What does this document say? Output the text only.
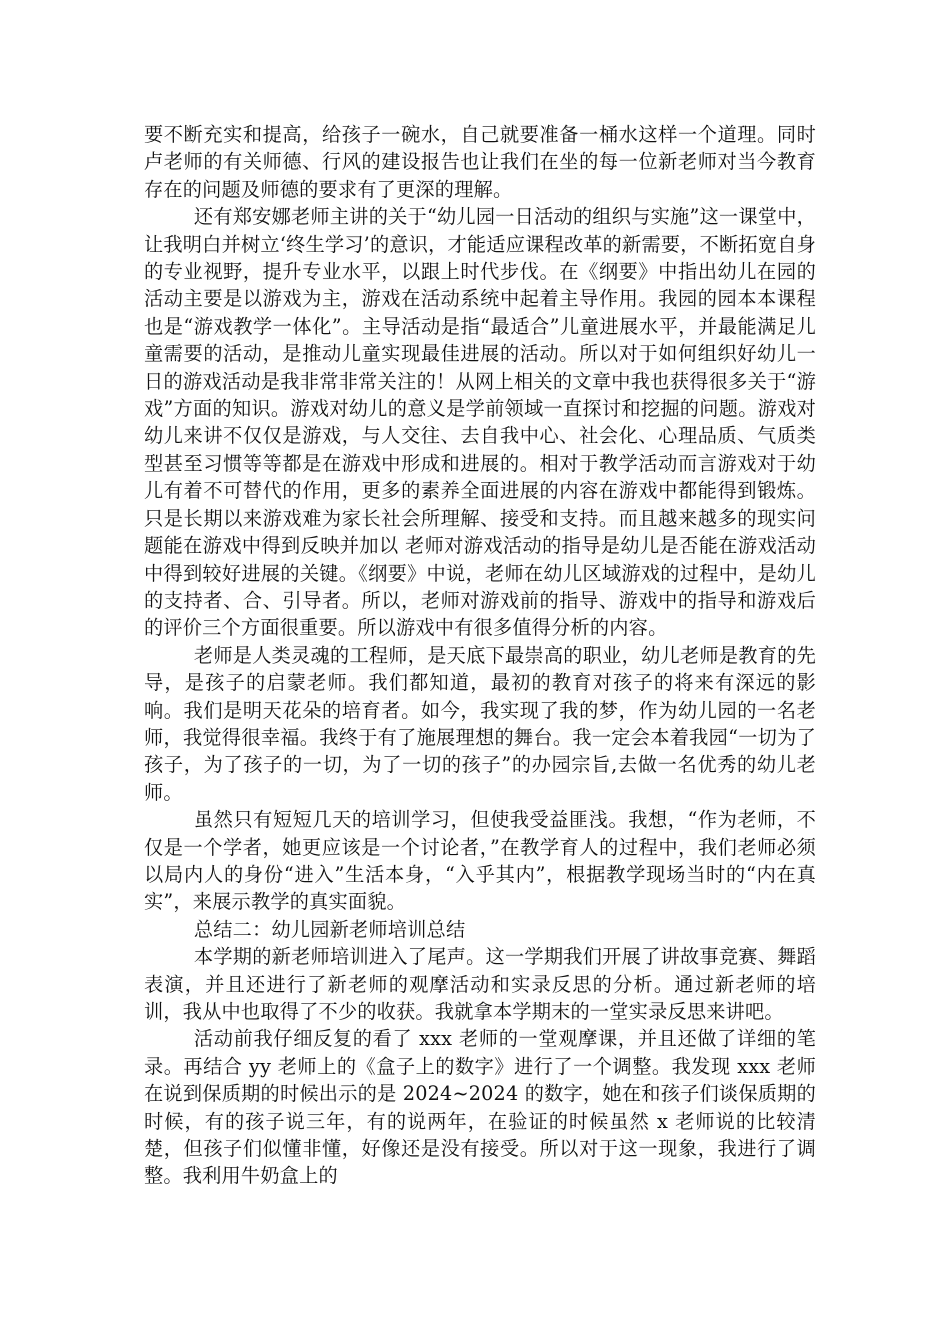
要不断充实和提高，给孩子一碗水，自己就要准备一桶水这样一个道理。同时卢老师的有关师德、行风的建设报告也让我们在坐的每一位新老师对当今教育存在的问题及师德的要求有了更深的理解。

还有郑安娜老师主讲的关于“幼儿园一日活动的组织与实施”这一课堂中，让我明白并树立‘终生学习’的意识，才能适应课程改革的新需要，不断拓宽自身的专业视野，提升专业水平，以跟上时代步伐。在《纲要》中指出幼儿在园的活动主要是以游戏为主，游戏在活动系统中起着主导作用。我园的园本本课程也是“游戏教学一体化”。主导活动是指“最适合”儿童进展水平，并最能满足儿童需要的活动，是推动儿童实现最佳进展的活动。所以对于如何组织好幼儿一日的游戏活动是我非常非常关注的！从网上相关的文章中我也获得很多关于“游戏”方面的知识。游戏对幼儿的意义是学前领域一直探讨和挖掘的问题。游戏对幼儿来讲不仅仅是游戏，与人交往、去自我中心、社会化、心理品质、气质类型甚至习惯等等都是在游戏中形成和进展的。相对于教学活动而言游戏对于幼儿有着不可替代的作用，更多的素养全面进展的内容在游戏中都能得到锻炼。只是长期以来游戏难为家长社会所理解、接受和支持。而且越来越多的现实问题能在游戏中得到反映并加以 老师对游戏活动的指导是幼儿是否能在游戏活动中得到较好进展的关键。《纲要》中说，老师在幼儿区域游戏的过程中，是幼儿的支持者、合、引导者。所以，老师对游戏前的指导、游戏中的指导和游戏后的评价三个方面很重要。所以游戏中有很多值得分析的内容。

老师是人类灵魂的工程师，是天底下最崇高的职业，幼儿老师是教育的先导，是孩子的启蒙老师。我们都知道，最初的教育对孩子的将来有深远的影响。我们是明天花朵的培育者。如今，我实现了我的梦，作为幼儿园的一名老师，我觉得很幸福。我终于有了施展理想的舞台。我一定会本着我园“一切为了孩子，为了孩子的一切，为了一切的孩子”的办园宗旨,去做一名优秀的幼儿老师。

虽然只有短短几天的培训学习，但使我受益匪浅。我想，“作为老师，不仅是一个学者，她更应该是一个讨论者，”在教学育人的过程中，我们老师必须以局内人的身份“进入”生活本身，“入乎其内”，根据教学现场当时的“内在真实”，来展示教学的真实面貌。

总结二：幼儿园新老师培训总结

本学期的新老师培训进入了尾声。这一学期我们开展了讲故事竞赛、舞蹈表演，并且还进行了新老师的观摩活动和实录反思的分析。通过新老师的培训，我从中也取得了不少的收获。我就拿本学期末的一堂实录反思来讲吧。

活动前我仔细反复的看了 xxx 老师的一堂观摩课，并且还做了详细的笔录。再结合 yy 老师上的《盒子上的数字》进行了一个调整。我发现 xxx 老师在说到保质期的时候出示的是 2024~2024 的数字，她在和孩子们谈保质期的时候，有的孩子说三年，有的说两年，在验证的时候虽然 x 老师说的比较清楚，但孩子们似懂非懂，好像还是没有接受。所以对于这一现象，我进行了调整。我利用牛奶盒上的
